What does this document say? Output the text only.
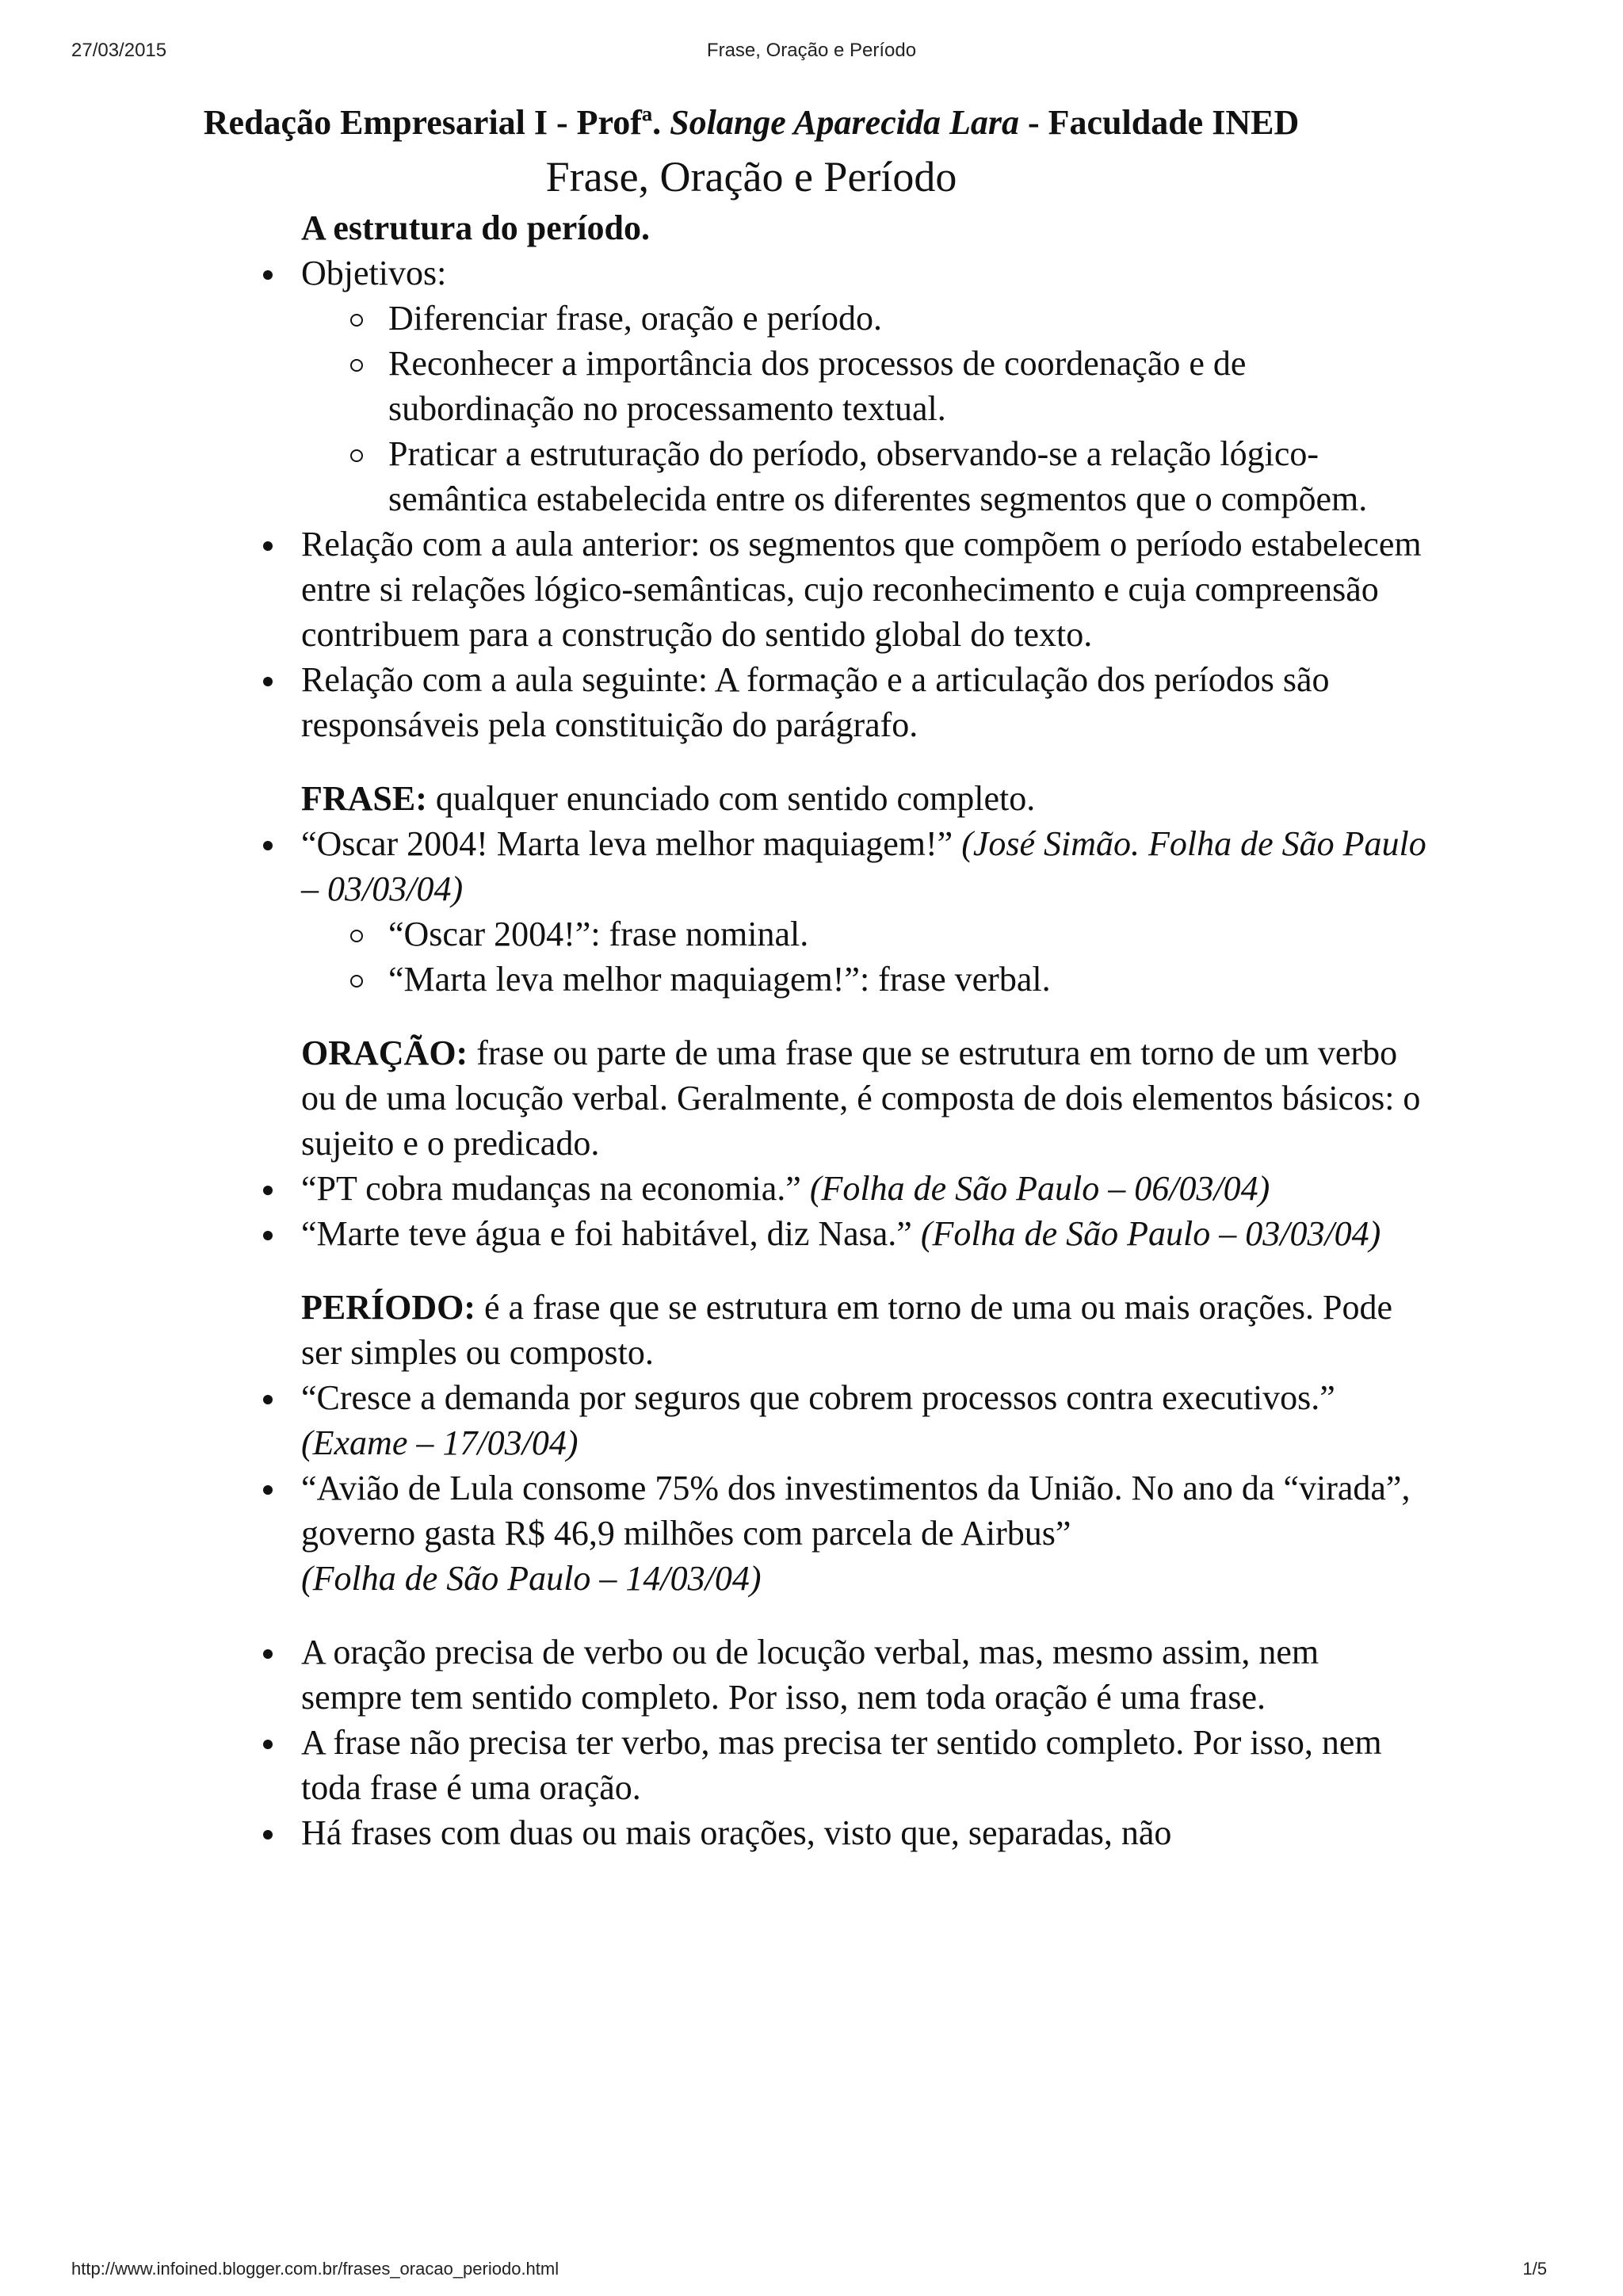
27/03/2015	Frase, Oração e Período
Redação Empresarial I - Profª. Solange Aparecida Lara - Faculdade INED
Frase, Oração e Período
A estrutura do período.
Objetivos:
Diferenciar frase, oração e período.
Reconhecer a importância dos processos de coordenação e de subordinação no processamento textual.
Praticar a estruturação do período, observando-se a relação lógico-semântica estabelecida entre os diferentes segmentos que o compõem.
Relação com a aula anterior: os segmentos que compõem o período estabelecem entre si relações lógico-semânticas, cujo reconhecimento e cuja compreensão contribuem para a construção do sentido global do texto.
Relação com a aula seguinte: A formação e a articulação dos períodos são responsáveis pela constituição do parágrafo.

FRASE: qualquer enunciado com sentido completo.

“Oscar 2004! Marta leva melhor maquiagem!” (José Simão. Folha de São Paulo – 03/03/04)
“Oscar 2004!”: frase nominal.
“Marta leva melhor maquiagem!”: frase verbal.

ORAÇÃO: frase ou parte de uma frase que se estrutura em torno de um verbo ou de uma locução verbal. Geralmente, é composta de dois elementos básicos: o sujeito e o predicado.

“PT cobra mudanças na economia.” (Folha de São Paulo – 06/03/04)
“Marte teve água e foi habitável, diz Nasa.” (Folha de São Paulo – 03/03/04)

PERÍODO: é a frase que se estrutura em torno de uma ou mais orações. Pode ser simples ou composto.

“Cresce a demanda por seguros que cobrem processos contra executivos.” (Exame – 17/03/04)
“Avião de Lula consome 75% dos investimentos da União. No ano da “virada”, governo gasta R$ 46,9 milhões com parcela de Airbus”
(Folha de São Paulo – 14/03/04)
A oração precisa de verbo ou de locução verbal, mas, mesmo assim, nem sempre tem sentido completo. Por isso, nem toda oração é uma frase.
A frase não precisa ter verbo, mas precisa ter sentido completo. Por isso, nem toda frase é uma oração.
Há frases com duas ou mais orações, visto que, separadas, não
http://www.infoined.blogger.com.br/frases_oracao_periodo.html	1/5
